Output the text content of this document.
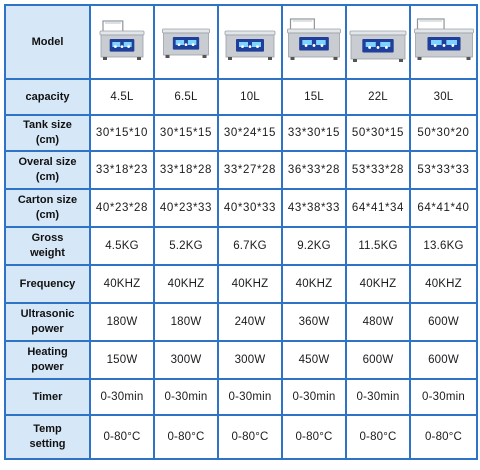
Model	

capacity	4.5L	6.5L	10L	15L	22L	30L
Tank size
(cm)	30*15*10	30*15*15	30*24*15	33*30*15	50*30*15	50*30*20
Overal size
(cm)	33*18*23	33*18*28	33*27*28	36*33*28	53*33*28	53*33*33
Carton size
(cm)	40*23*28	40*23*33	40*30*33	43*38*33	64*41*34	64*41*40
Gross
weight	4.5KG	5.2KG	6.7KG	9.2KG	11.5KG	13.6KG
Frequency	40KHZ	40KHZ	40KHZ	40KHZ	40KHZ	40KHZ
Ultrasonic
power	180W	180W	240W	360W	480W	600W
Heating
power	150W	300W	300W	450W	600W	600W
Timer	0-30min	0-30min	0-30min	0-30min	0-30min	0-30min
Temp
setting	0-80°C	0-80°C	0-80°C	0-80°C	0-80°C	0-80°C
